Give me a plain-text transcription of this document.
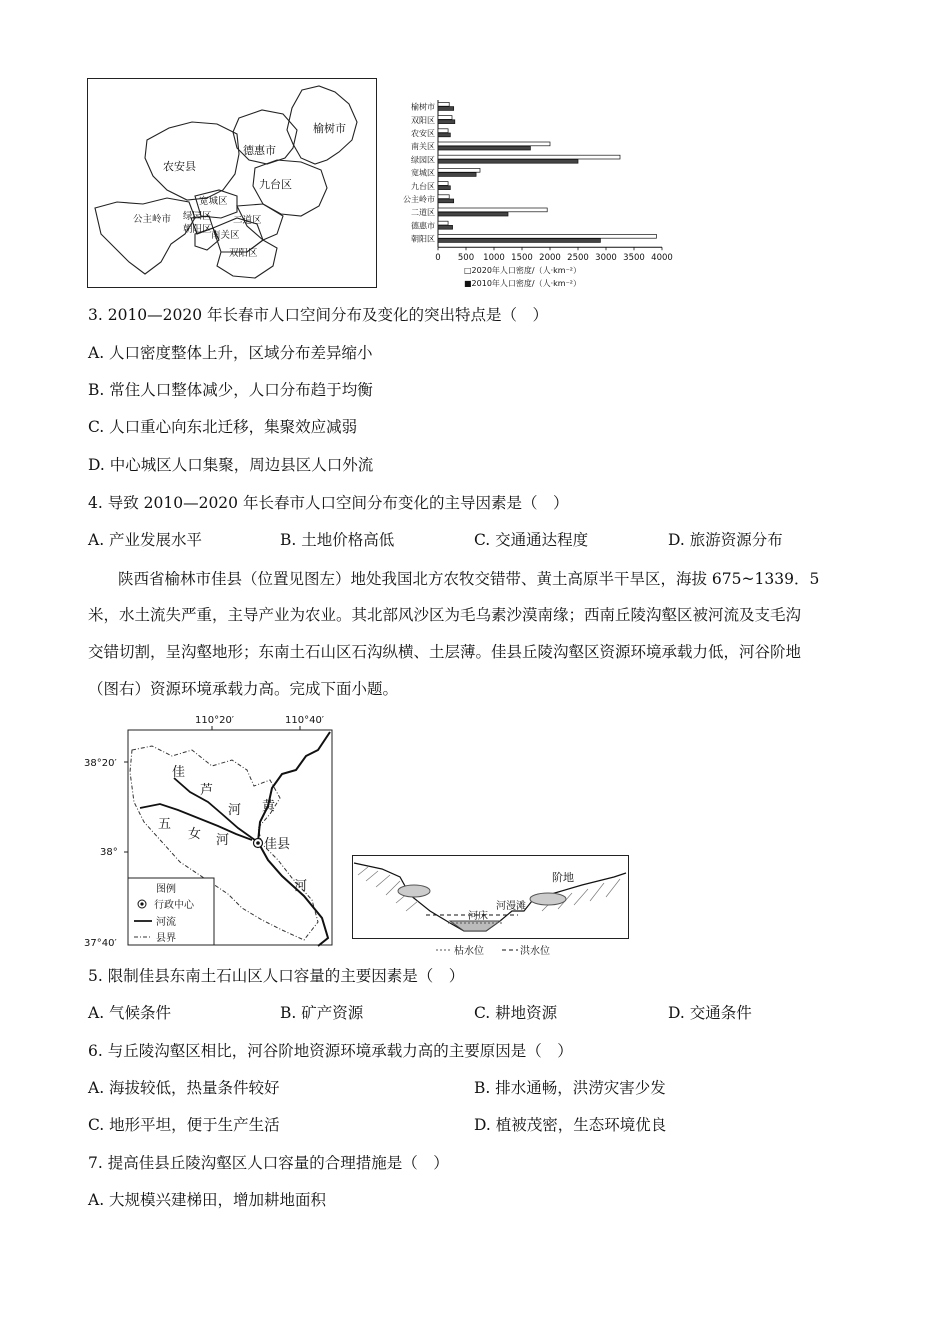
榆树市
德惠市
农安县
九台区
宽城区
绿园区
公主岭市	二道区
朝阳区
南关区
双阳区
榆树市
双阳区
农安区
南关区
绿园区
宽城区
九台区
公主岭市
二道区
德惠市
朝阳区
0 500 1000 1500 2000 2500 3000 3500 4000
□2020年人口密度/（人·km⁻²）
■2010年人口密度/（人·km⁻²）
3. 2010—2020 年长春市人口空间分布及变化的突出特点是（　）
A. 人口密度整体上升，区域分布差异缩小
B. 常住人口整体减少，人口分布趋于均衡
C. 人口重心向东北迁移，集聚效应减弱
D. 中心城区人口集聚，周边县区人口外流
4. 导致 2010—2020 年长春市人口空间分布变化的主导因素是（　）
A. 产业发展水平	B. 土地价格高低	C. 交通通达程度	D. 旅游资源分布
陕西省榆林市佳县（位置见图左）地处我国北方农牧交错带、黄土高原半干旱区，海拔 675~1339．5
米，水土流失严重，主导产业为农业。其北部风沙区为毛乌素沙漠南缘；西南丘陵沟壑区被河流及支毛沟
交错切割，呈沟壑地形；东南土石山区石沟纵横、土层薄。佳县丘陵沟壑区资源环境承载力低，河谷阶地
（图右）资源环境承载力高。完成下面小题。
110°20′	110°40′
38°20′
38°
37°40′
佳
芦
河 黄
五
女 河	佳县
河
图例
行政中心
河流
县界
阶地
河漫滩
河床
枯水位	洪水位
5. 限制佳县东南土石山区人口容量的主要因素是（　）
A. 气候条件	B. 矿产资源	C. 耕地资源	D. 交通条件
6. 与丘陵沟壑区相比，河谷阶地资源环境承载力高的主要原因是（　）
A. 海拔较低，热量条件较好	B. 排水通畅，洪涝灾害少发
C. 地形平坦，便于生产生活	D. 植被茂密，生态环境优良
7. 提高佳县丘陵沟壑区人口容量的合理措施是（　）
A. 大规模兴建梯田，增加耕地面积
